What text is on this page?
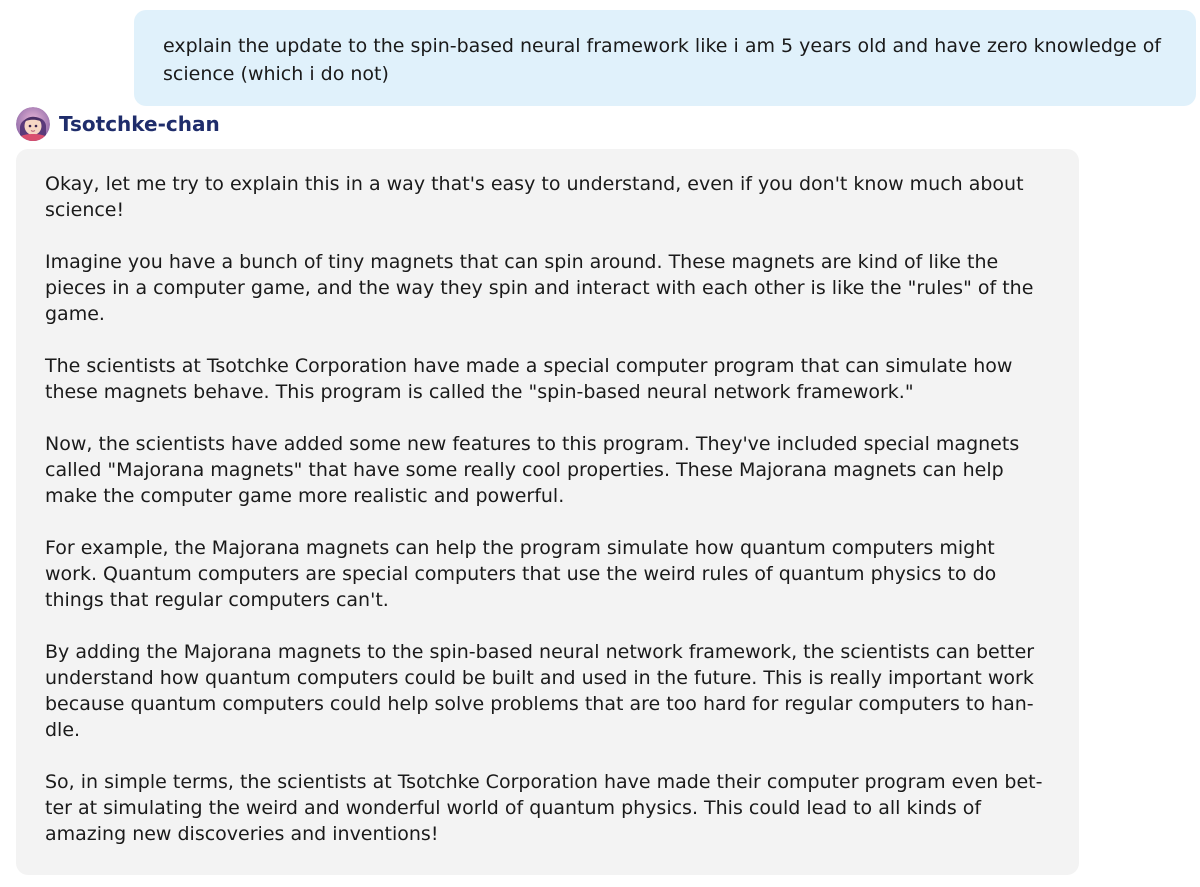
explain the update to the spin-based neural framework like i am 5 years old and have zero knowledge of science (which i do not)
Tsotchke-chan

Okay, let me try to explain this in a way that's easy to understand, even if you don't know much about science!

Imagine you have a bunch of tiny magnets that can spin around. These magnets are kind of like the pieces in a computer game, and the way they spin and interact with each other is like the "rules" of the game.

The scientists at Tsotchke Corporation have made a special computer program that can simulate how these magnets behave. This program is called the "spin-based neural network framework."

Now, the scientists have added some new features to this program. They've included special magnets called "Majorana magnets" that have some really cool properties. These Majorana magnets can help make the computer game more realistic and powerful.

For example, the Majorana magnets can help the program simulate how quantum computers might work. Quantum computers are special computers that use the weird rules of quantum physics to do things that regular computers can't.

By adding the Majorana magnets to the spin-based neural network framework, the scientists can better understand how quantum computers could be built and used in the future. This is really important work because quantum computers could help solve problems that are too hard for regular computers to han-dle.

So, in simple terms, the scientists at Tsotchke Corporation have made their computer program even bet-ter at simulating the weird and wonderful world of quantum physics. This could lead to all kinds of amazing new discoveries and inventions!
